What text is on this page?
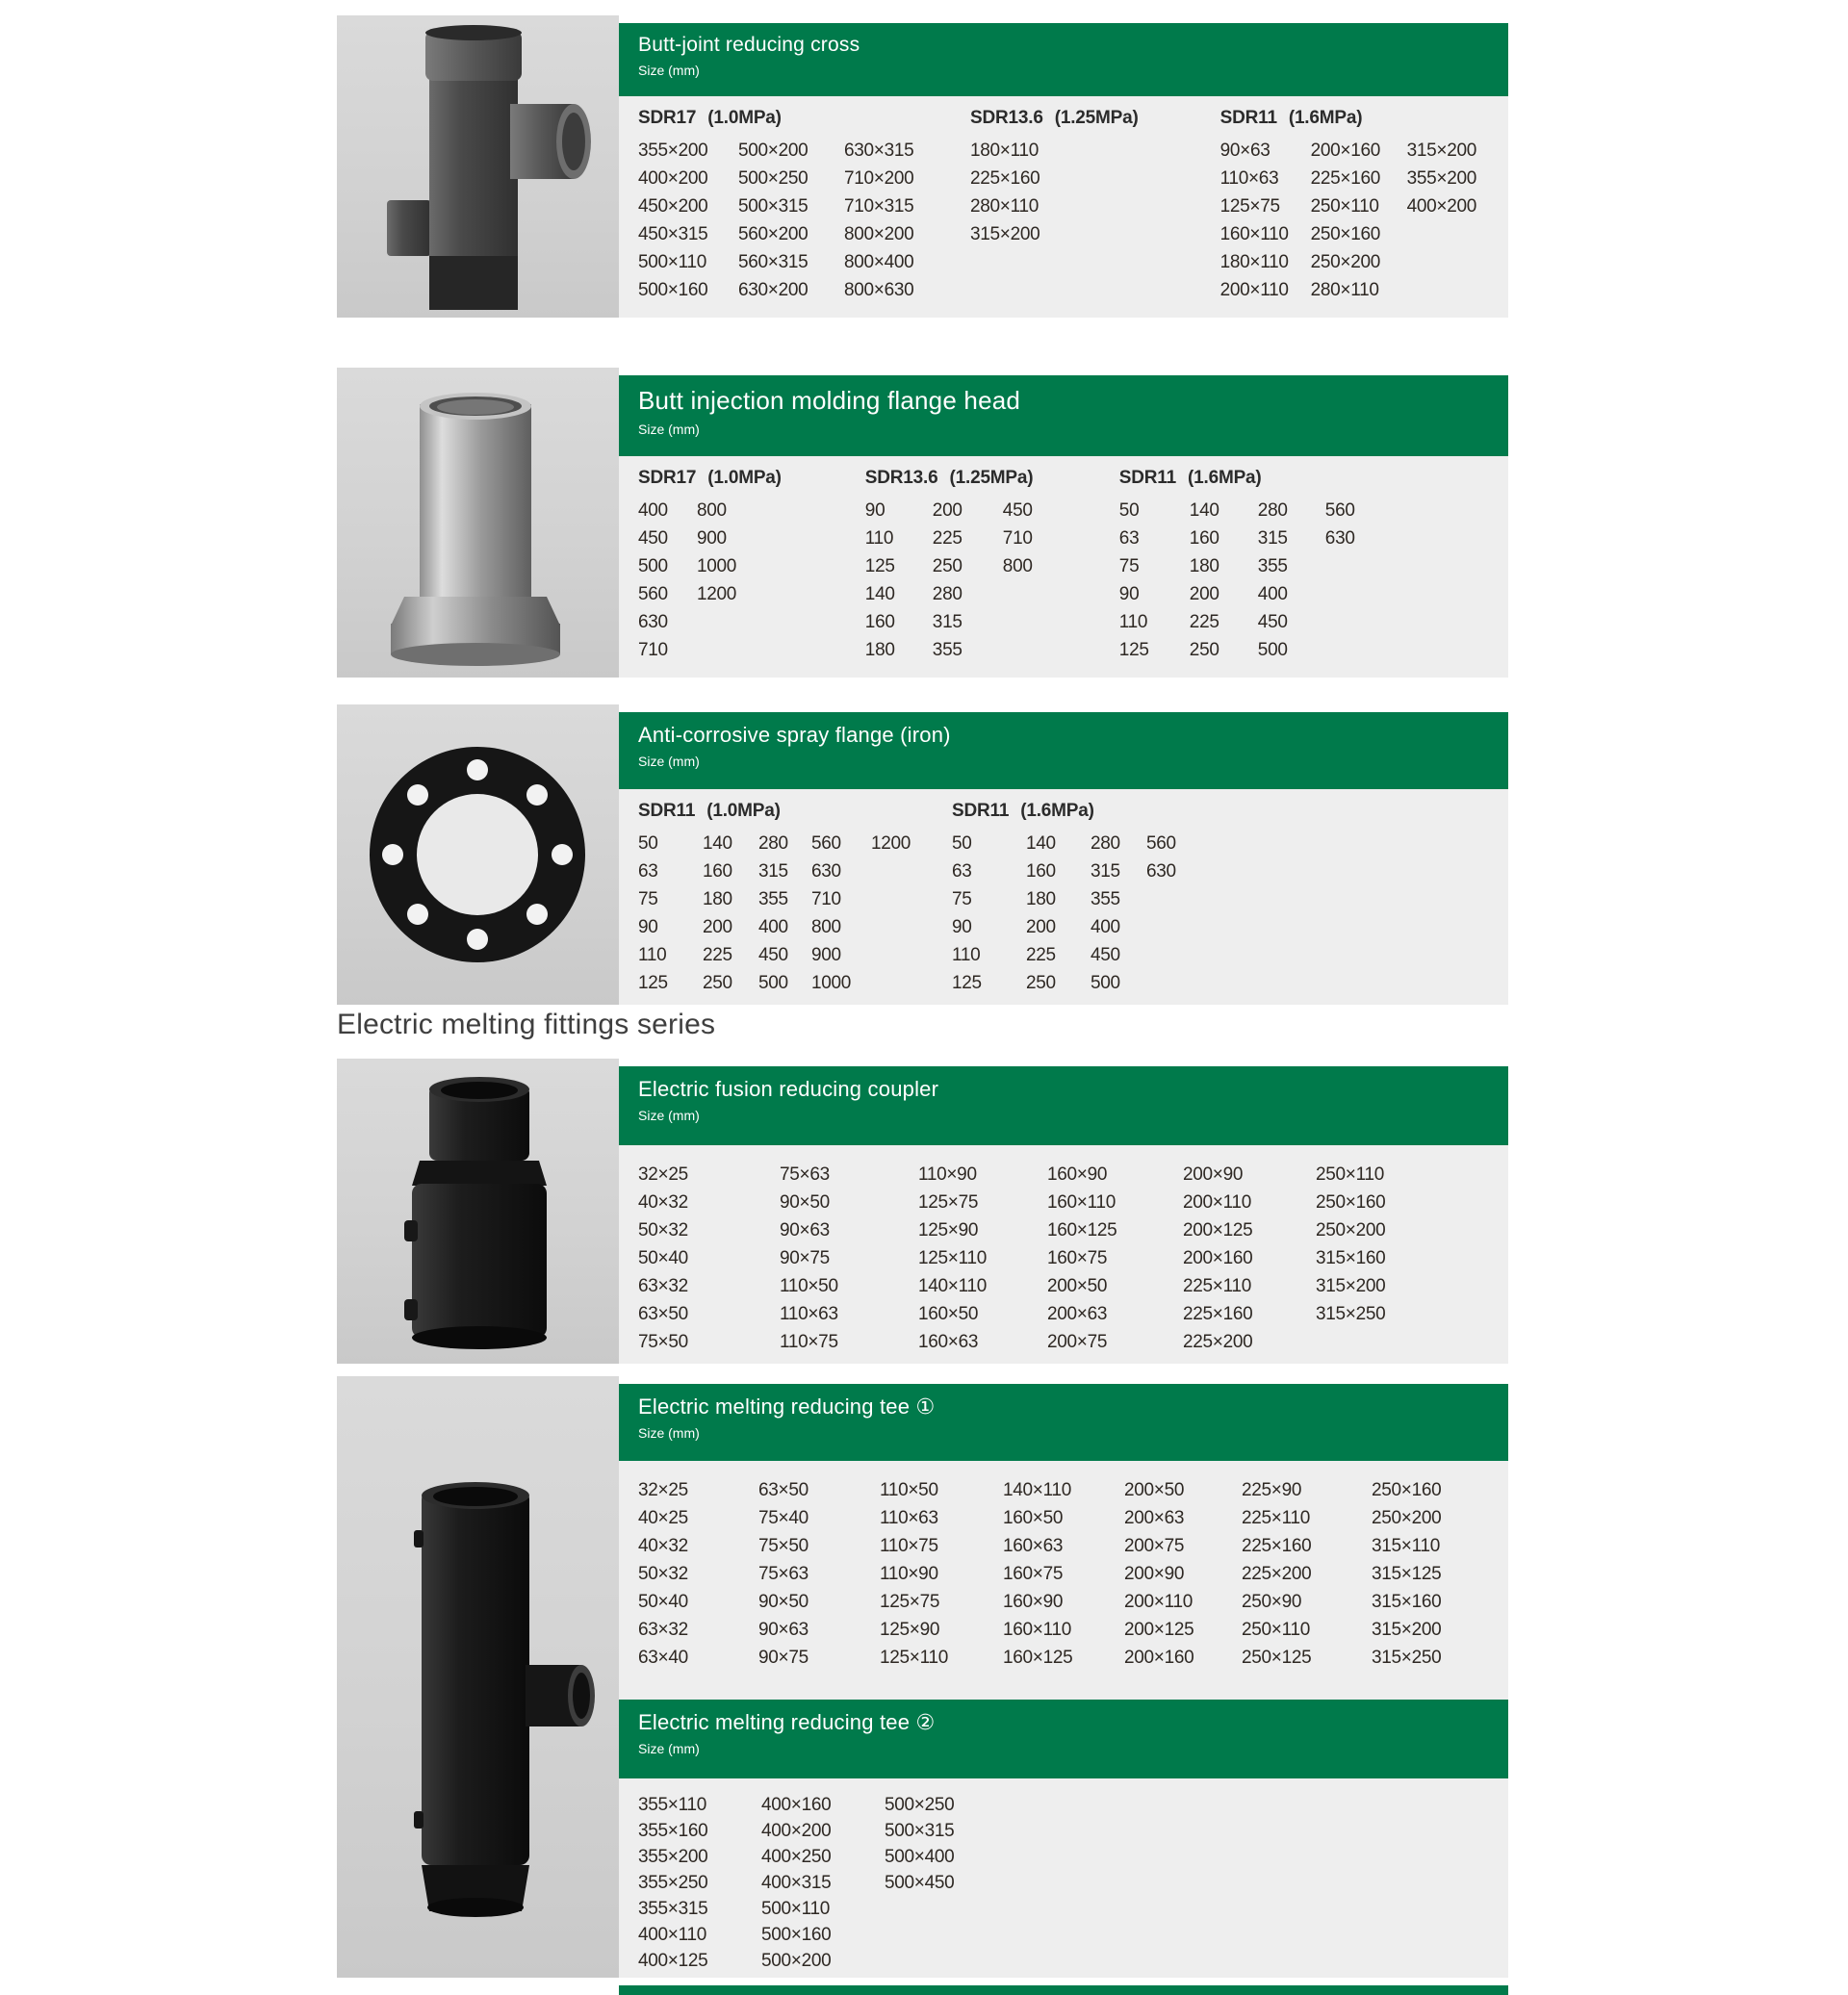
Butt-joint reducing cross
Size (mm)
SDR17 (1.0MPa)
355×200
400×200
450×200
450×315
500×110
500×160
500×200
500×250
500×315
560×200
560×315
630×200
630×315
710×200
710×315
800×200
800×400
800×630
SDR13.6 (1.25MPa)
180×110
225×160
280×110
315×200
SDR11 (1.6MPa)
90×63
110×63
125×75
160×110
180×110
200×110
200×160
225×160
250×110
250×160
250×200
280×110
315×200
355×200
400×200
Butt injection molding flange head
Size (mm)
SDR17 (1.0MPa)
400
450
500
560
630
710
800
900
1000
1200
SDR13.6 (1.25MPa)
90
110
125
140
160
180
200
225
250
280
315
355
450
710
800
SDR11 (1.6MPa)
50
63
75
90
110
125
140
160
180
200
225
250
280
315
355
400
450
500
560
630
Anti-corrosive spray flange (iron)
Size (mm)
SDR11 (1.0MPa)
50
63
75
90
110
125
140
160
180
200
225
250
280
315
355
400
450
500
560
630
710
800
900
1000
1200
SDR11 (1.6MPa)
50
63
75
90
110
125
140
160
180
200
225
250
280
315
355
400
450
500
560
630
Electric melting fittings series
Electric fusion reducing coupler
Size (mm)
32×25
40×32
50×32
50×40
63×32
63×50
75×50
75×63
90×50
90×63
90×75
110×50
110×63
110×75
110×90
125×75
125×90
125×110
140×110
160×50
160×63
160×90
160×110
160×125
160×75
200×50
200×63
200×75
200×90
200×110
200×125
200×160
225×110
225×160
225×200
250×110
250×160
250×200
315×160
315×200
315×250
Electric melting reducing tee ①
Size (mm)
32×25
40×25
40×32
50×32
50×40
63×32
63×40
63×50
75×40
75×50
75×63
90×50
90×63
90×75
110×50
110×63
110×75
110×90
125×75
125×90
125×110
140×110
160×50
160×63
160×75
160×90
160×110
160×125
200×50
200×63
200×75
200×90
200×110
200×125
200×160
225×90
225×110
225×160
225×200
250×90
250×110
250×125
250×160
250×200
315×110
315×125
315×160
315×200
315×250
Electric melting reducing tee ②
Size (mm)
355×110
355×160
355×200
355×250
355×315
400×110
400×125
400×160
400×200
400×250
400×315
500×110
500×160
500×200
500×250
500×315
500×400
500×450
